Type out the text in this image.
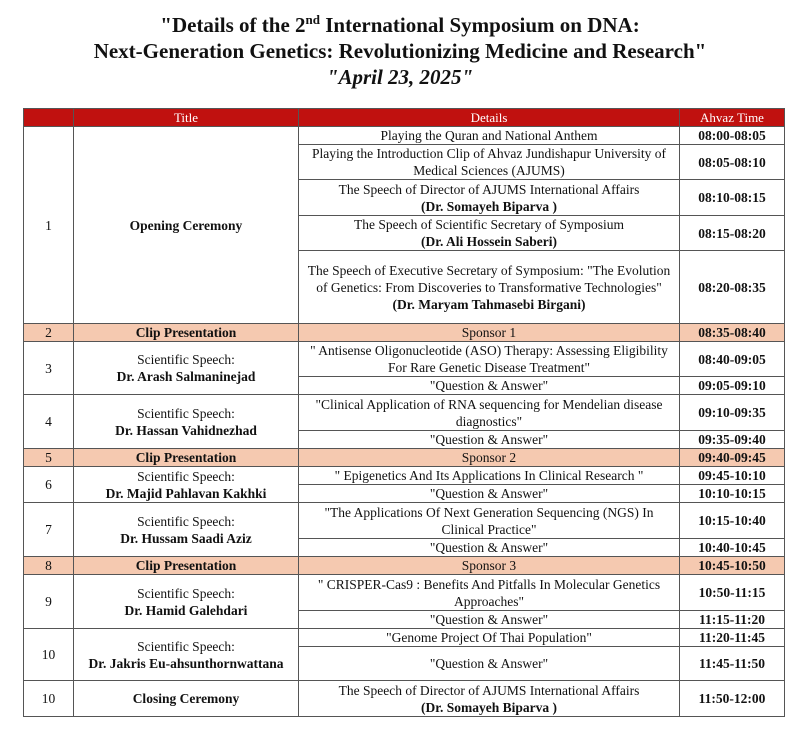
"Details of the 2nd International Symposium on DNA:
Next-Generation Genetics: Revolutionizing Medicine and Research"
"April 23, 2025"
	Title	Details	Ahvaz Time
1	Opening Ceremony	Playing the Quran and National Anthem	08:00-08:05
		Playing the Introduction Clip of Ahvaz Jundishapur University of Medical Sciences (AJUMS)	08:05-08:10
		The Speech of Director of AJUMS International Affairs
(Dr. Somayeh Biparva )	08:10-08:15
		The Speech of Scientific Secretary of Symposium
(Dr. Ali Hossein Saberi)	08:15-08:20
		The Speech of Executive Secretary of Symposium: "The Evolution of Genetics: From Discoveries to Transformative Technologies"
(Dr. Maryam Tahmasebi Birgani)	08:20-08:35
2	Clip Presentation	Sponsor 1	08:35-08:40
3	Scientific Speech:
Dr. Arash Salmaninejad	" Antisense Oligonucleotide (ASO) Therapy: Assessing Eligibility For Rare Genetic Disease Treatment"	08:40-09:05
		"Question & Answer"	09:05-09:10
4	Scientific Speech:
Dr. Hassan Vahidnezhad	"Clinical Application of RNA sequencing for Mendelian disease diagnostics"	09:10-09:35
		"Question & Answer"	09:35-09:40
5	Clip Presentation	Sponsor 2	09:40-09:45
6	Scientific Speech:
Dr. Majid Pahlavan Kakhki	" Epigenetics And Its Applications In Clinical Research "	09:45-10:10
		"Question & Answer"	10:10-10:15
7	Scientific Speech:
Dr. Hussam Saadi Aziz	"The Applications Of Next Generation Sequencing (NGS) In Clinical Practice"	10:15-10:40
		"Question & Answer"	10:40-10:45
8	Clip Presentation	Sponsor 3	10:45-10:50
9	Scientific Speech:
Dr. Hamid Galehdari	" CRISPER-Cas9 : Benefits And Pitfalls In Molecular Genetics Approaches"	10:50-11:15
		"Question & Answer"	11:15-11:20
10	Scientific Speech:
Dr. Jakris Eu-ahsunthornwattana	"Genome Project Of Thai Population"	11:20-11:45
		"Question & Answer"	11:45-11:50
10	Closing Ceremony	The Speech of Director of AJUMS International Affairs
(Dr. Somayeh Biparva )	11:50-12:00
